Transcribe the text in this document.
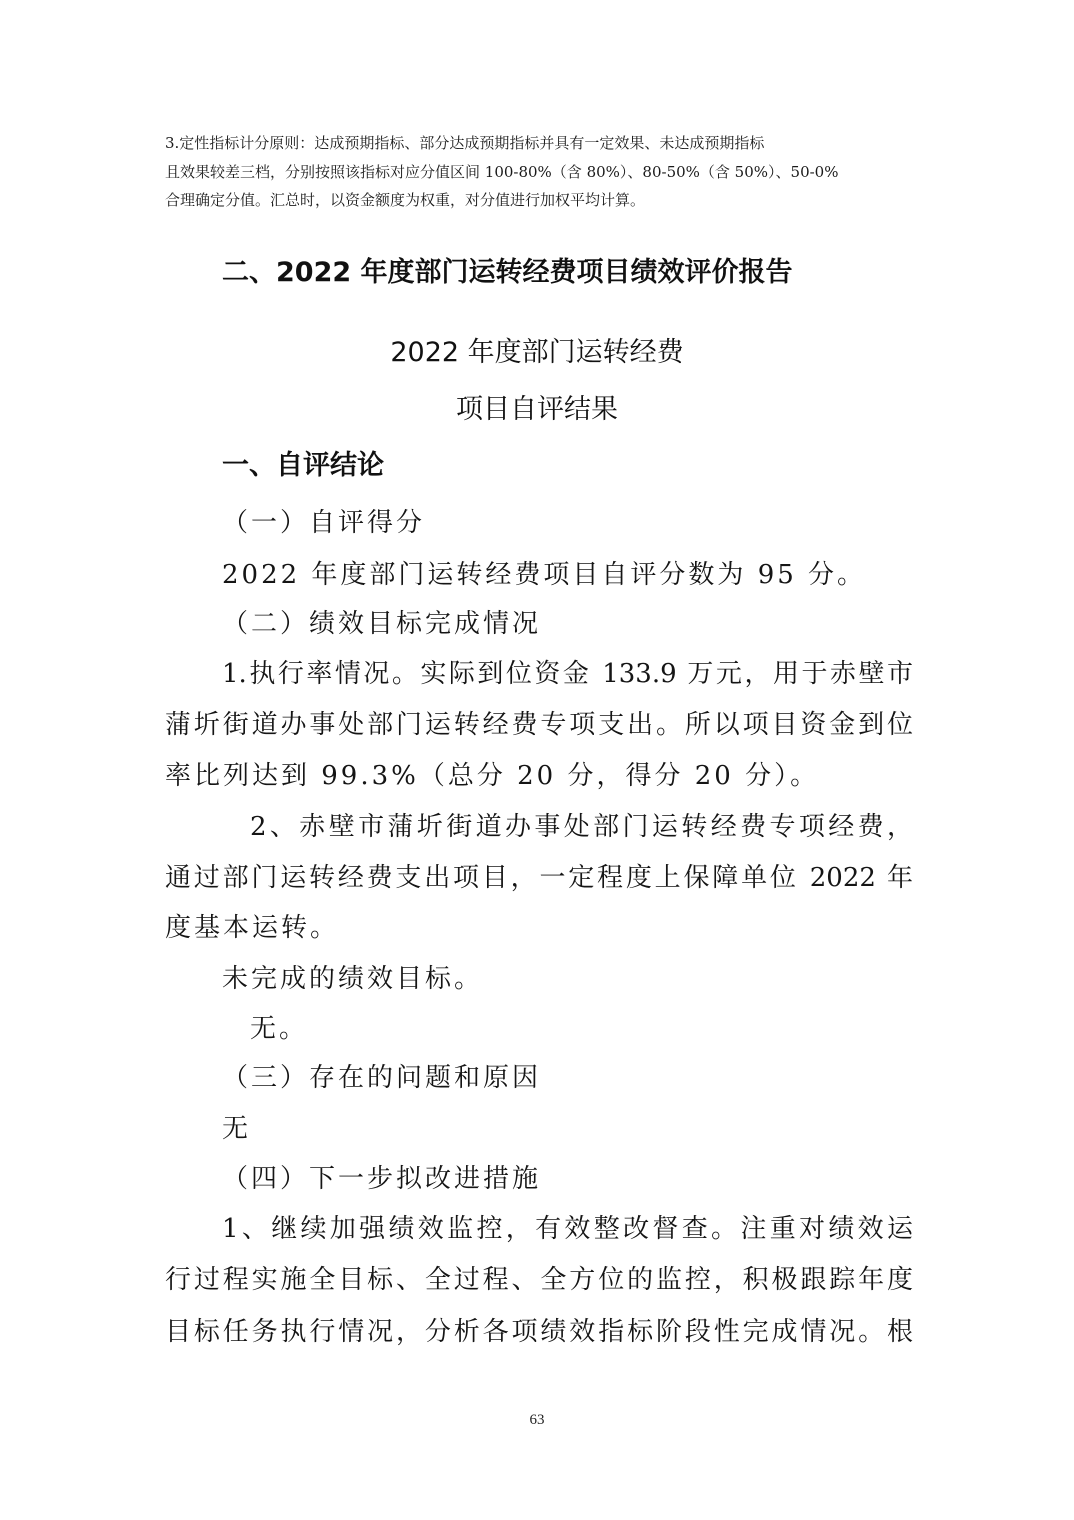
3.定性指标计分原则：达成预期指标、部分达成预期指标并具有一定效果、未达成预期指标
且效果较差三档，分别按照该指标对应分值区间 100-80%（含 80%）、80-50%（含 50%）、50-0%
合理确定分值。汇总时，以资金额度为权重，对分值进行加权平均计算。
二、2022 年度部门运转经费项目绩效评价报告
2022 年度部门运转经费
项目自评结果
一、自评结论
（一）自评得分
2022 年度部门运转经费项目自评分数为 95 分。
（二）绩效目标完成情况
1.执行率情况。实际到位资金 133.9 万元，用于赤壁市
蒲圻街道办事处部门运转经费专项支出。所以项目资金到位
率比列达到 99.3%（总分 20 分，得分 20 分）。
2、赤壁市蒲圻街道办事处部门运转经费专项经费，
通过部门运转经费支出项目，一定程度上保障单位 2022 年
度基本运转。
未完成的绩效目标。
无。
（三）存在的问题和原因
无
（四）下一步拟改进措施
1、继续加强绩效监控，有效整改督查。注重对绩效运
行过程实施全目标、全过程、全方位的监控，积极跟踪年度
目标任务执行情况，分析各项绩效指标阶段性完成情况。根
63
